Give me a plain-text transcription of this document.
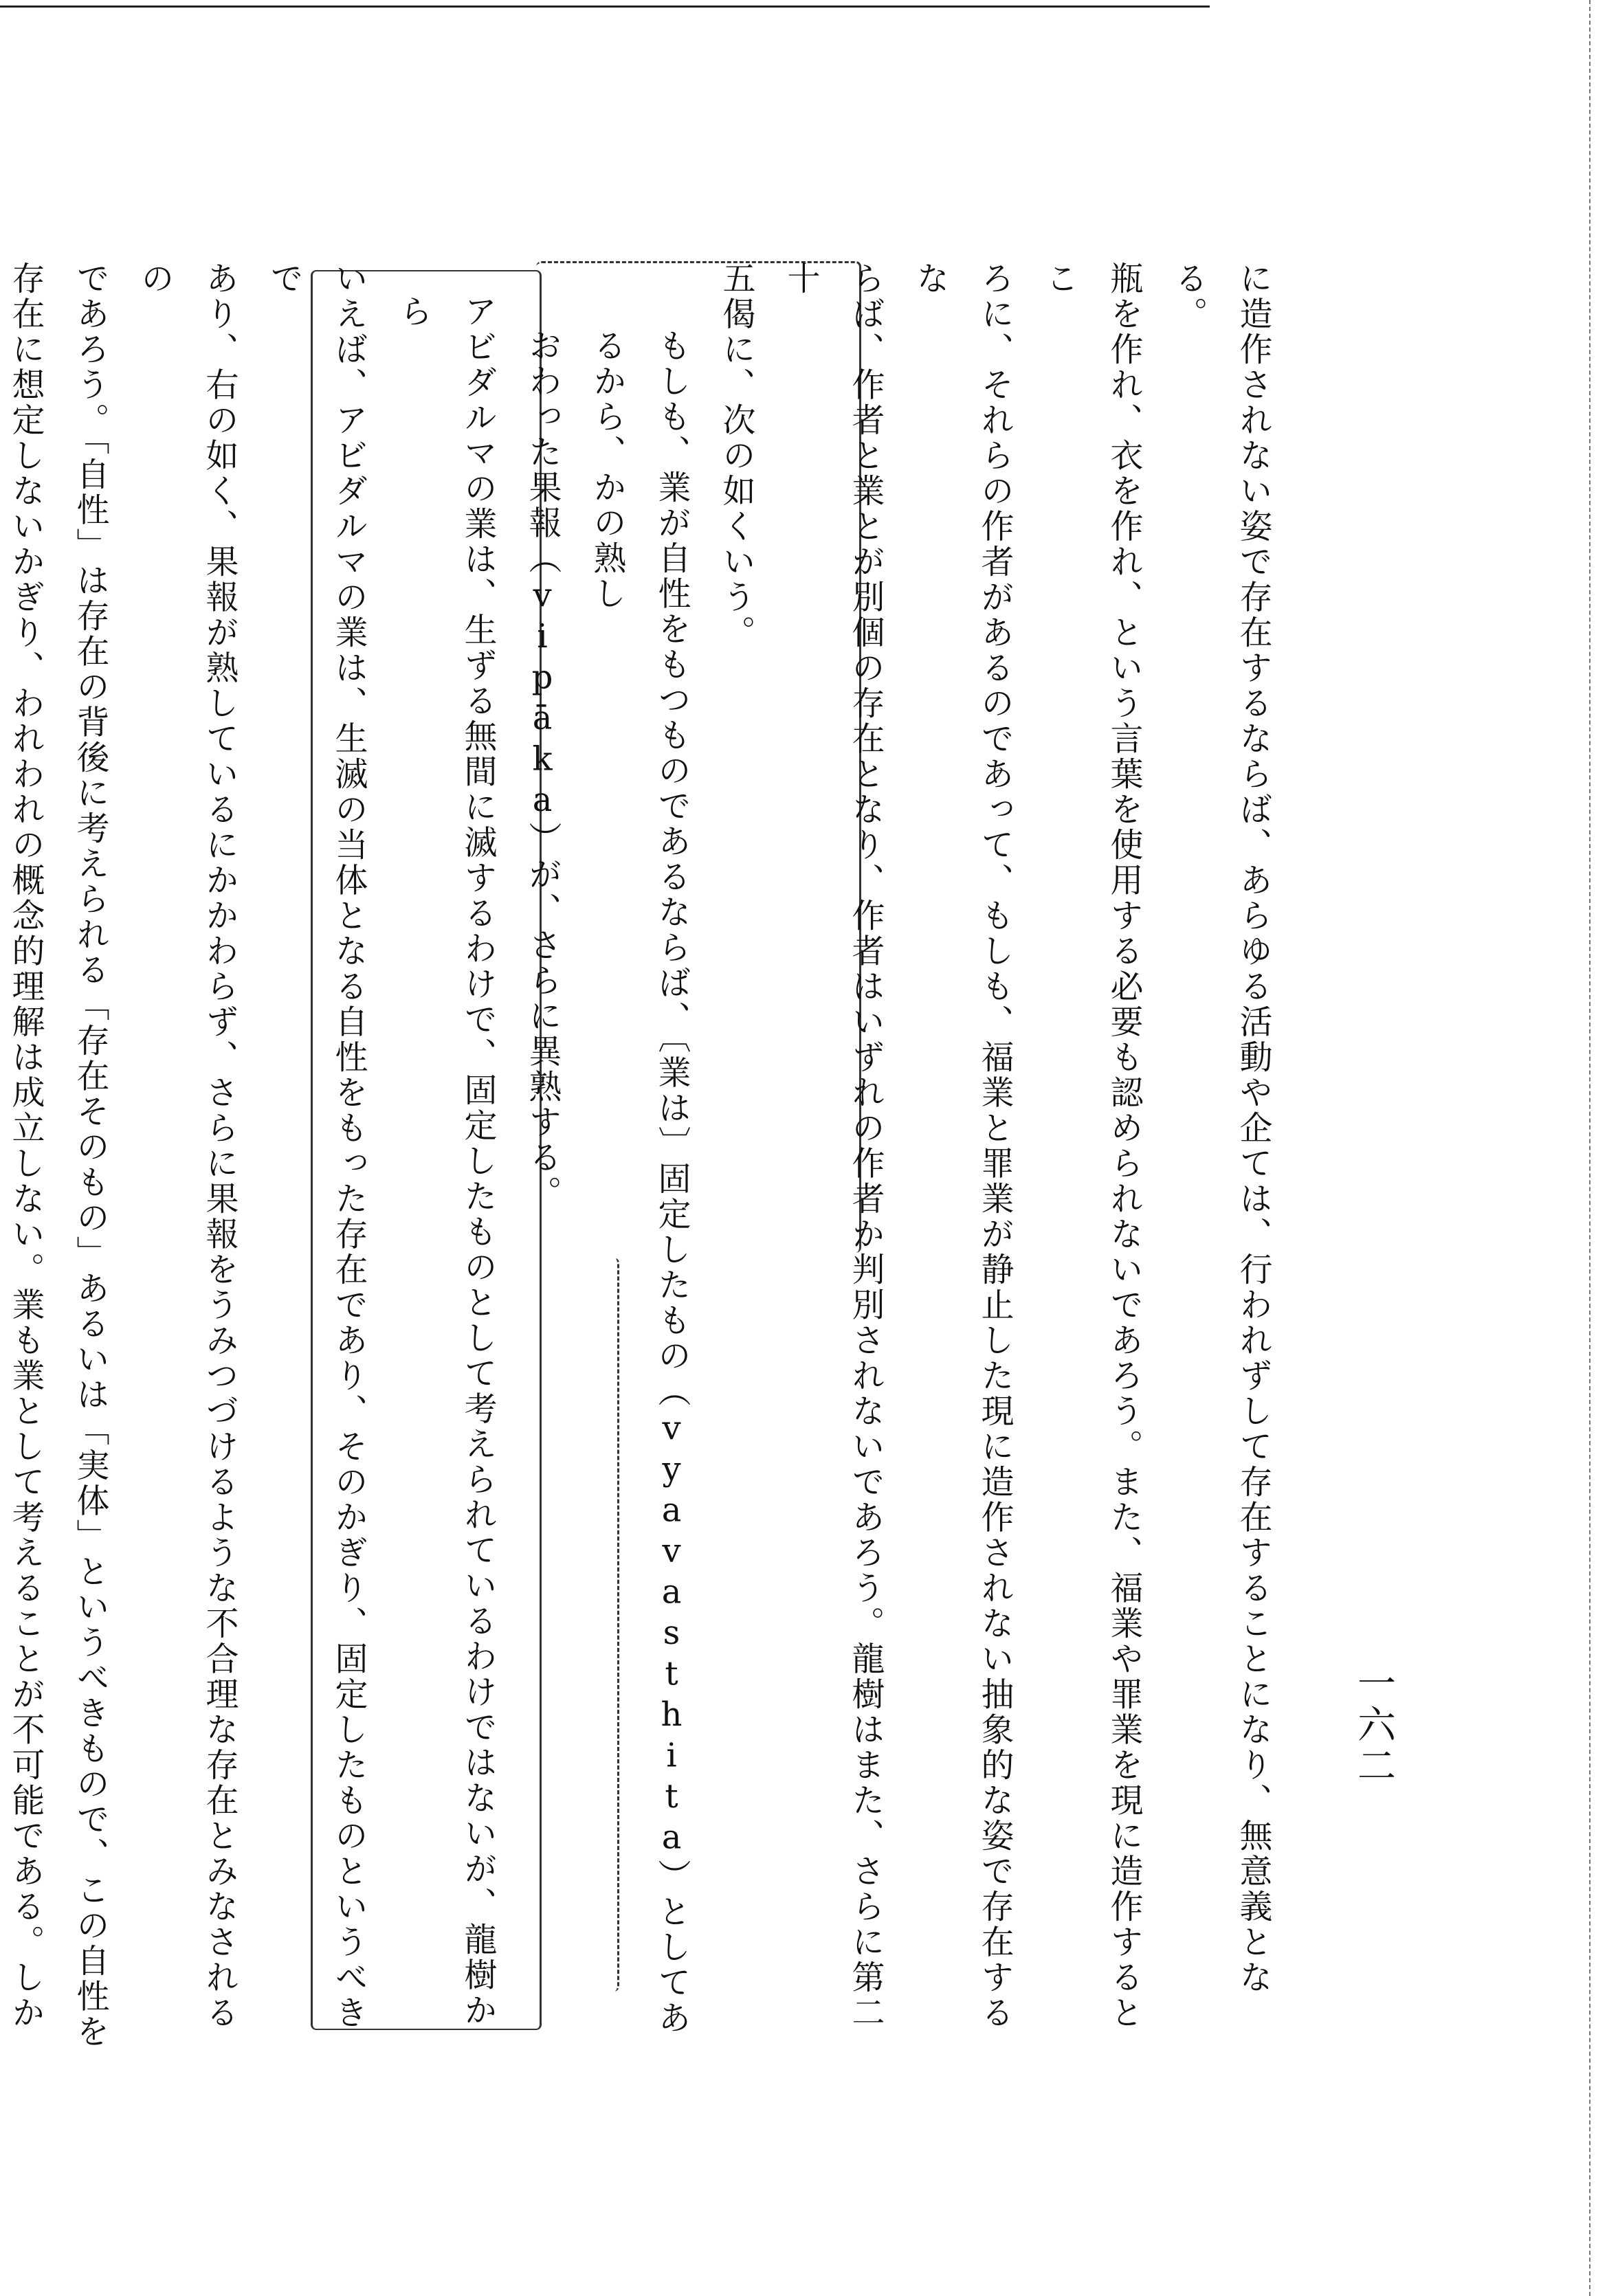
一六二
に造作されない姿で存在するならば、あらゆる活動や企ては、行われずして存在することになり、無意義となる。
瓶を作れ、衣を作れ、という言葉を使用する必要も認められないであろう。また、福業や罪業を現に造作するとこ
ろに、それらの作者があるのであって、もしも、福業と罪業が静止した現に造作されない抽象的な姿で存在するな
らば、作者と業とが別個の存在となり、作者はいずれの作者か判別されないであろう。龍樹はまた、さらに第二十
五偈に、次の如くいう。
もしも、業が自性をもつものであるならば、〔業は〕固定したもの（vyavasthita）としてあるから、かの熟し
おわった果報（vipāka）が、さらに異熟する。
アビダルマの業は、生ずる無間に滅するわけで、固定したものとして考えられているわけではないが、龍樹から
いえば、アビダルマの業は、生滅の当体となる自性をもった存在であり、そのかぎり、固定したものというべきで
あり、右の如く、果報が熟しているにかかわらず、さらに果報をうみつづけるような不合理な存在とみなされるの
であろう。「自性」は存在の背後に考えられる「存在そのもの」あるいは「実体」というべきもので、この自性を
存在に想定しないかぎり、われわれの概念的理解は成立しない。業も業として考えることが不可能である。しか
